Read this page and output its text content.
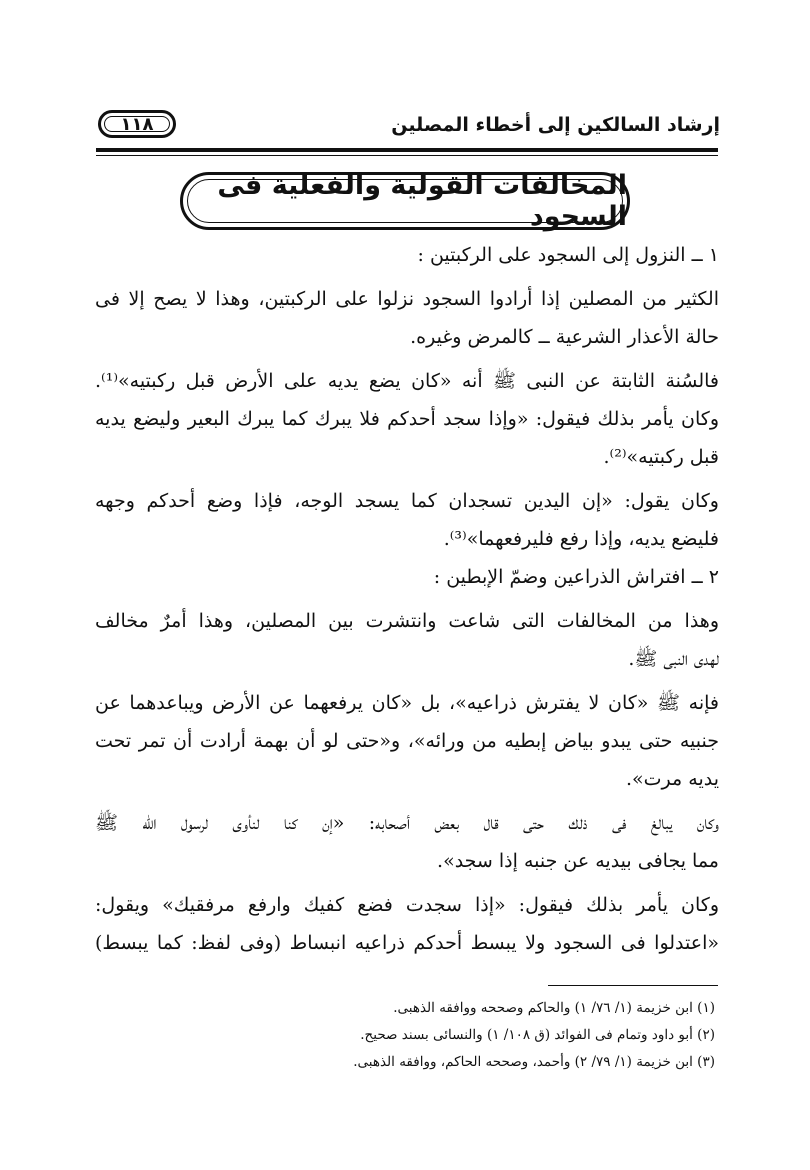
إرشاد السالكين إلى أخطاء المصلين
١١٨
المخالفات القولية والفعلية فى السجود
١ ــ النزول إلى السجود على الركبتين :
الكثير من المصلين إذا أرادوا السجود نزلوا على الركبتين، وهذا لا يصح إلا فى
حالة الأعذار الشرعية ــ كالمرض وغيره.
فالسُنة الثابتة عن النبى ﷺ أنه «كان يضع يديه على الأرض قبل ركبتيه»⁽¹⁾.
وكان يأمر بذلك فيقول: «وإذا سجد أحدكم فلا يبرك كما يبرك البعير وليضع يديه
قبل ركبتيه»⁽²⁾.
وكان يقول: «إن اليدين تسجدان كما يسجد الوجه، فإذا وضع أحدكم وجهه
فليضع يديه، وإذا رفع فليرفعهما»⁽³⁾.
٢ ــ افتراش الذراعين وضمّ الإبطين :
وهذا من المخالفات التى شاعت وانتشرت بين المصلين، وهذا أمرٌ مخالف
لهدى النبى ﷺ.
فإنه ﷺ «كان لا يفترش ذراعيه»، بل «كان يرفعهما عن الأرض ويباعدهما عن
جنبيه حتى يبدو بياض إبطيه من ورائه»، و«حتى لو أن بهمة أرادت أن تمر تحت
يديه مرت».
وكان يبالغ فى ذلك حتى قال بعض أصحابه: «إن كنا لنأوى لرسول الله ﷺ
مما يجافى بيديه عن جنبه إذا سجد».
وكان يأمر بذلك فيقول: «إذا سجدت فضع كفيك وارفع مرفقيك» ويقول:
«اعتدلوا فى السجود ولا يبسط أحدكم ذراعيه انبساط (وفى لفظ: كما يبسط)
(١) ابن خزيمة (١/ ٧٦/ ١) والحاكم وصححه ووافقه الذهبى.
(٢) أبو داود وتمام فى الفوائد (ق ١٠٨/ ١) والنسائى بسند صحيح.
(٣) ابن خزيمة (١/ ٧٩/ ٢) وأحمد، وصححه الحاكم، ووافقه الذهبى.
